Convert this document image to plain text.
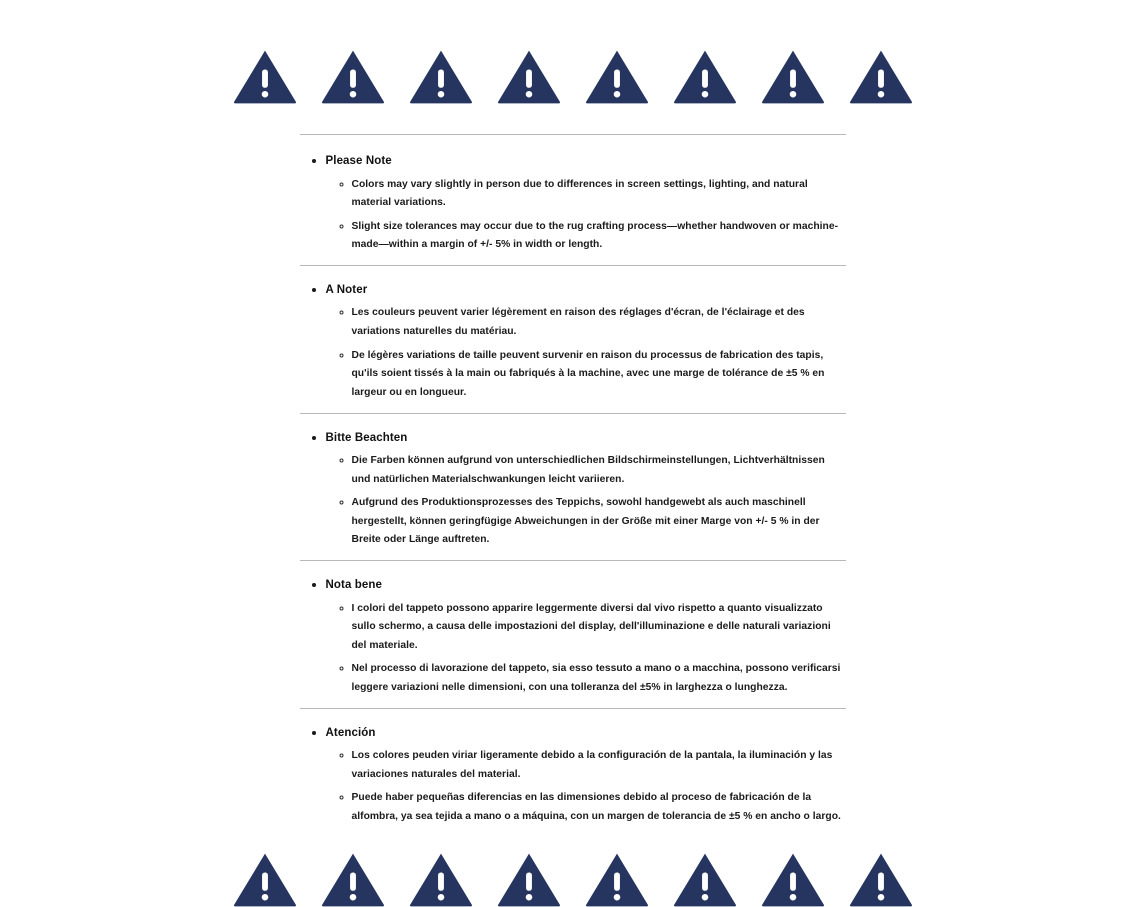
• Please Note
◦ Colors may vary slightly in person due to differences in screen settings, lighting, and natural material variations.
◦ Slight size tolerances may occur due to the rug crafting process—whether handwoven or machine-made—within a margin of +/- 5% in width or length.
• A Noter
◦ Les couleurs peuvent varier légèrement en raison des réglages d'écran, de l'éclairage et des variations naturelles du matériau.
◦ De légères variations de taille peuvent survenir en raison du processus de fabrication des tapis, qu'ils soient tissés à la main ou fabriqués à la machine, avec une marge de tolérance de ±5 % en largeur ou en longueur.
• Bitte Beachten
◦ Die Farben können aufgrund von unterschiedlichen Bildschirmeinstellungen, Lichtverhältnissen und natürlichen Materialschwankungen leicht variieren.
◦ Aufgrund des Produktionsprozesses des Teppichs, sowohl handgewebt als auch maschinell hergestellt, können geringfügige Abweichungen in der Größe mit einer Marge von +/- 5 % in der Breite oder Länge auftreten.
• Nota bene
◦ I colori del tappeto possono apparire leggermente diversi dal vivo rispetto a quanto visualizzato sullo schermo, a causa delle impostazioni del display, dell'illuminazione e delle naturali variazioni del materiale.
◦ Nel processo di lavorazione del tappeto, sia esso tessuto a mano o a macchina, possono verificarsi leggere variazioni nelle dimensioni, con una tolleranza del ±5% in larghezza o lunghezza.
• Atención
◦ Los colores peuden viriar ligeramente debido a la configuración de la pantala, la iluminación y las variaciones naturales del material.
◦ Puede haber pequeñas diferencias en las dimensiones debido al proceso de fabricación de la alfombra, ya sea tejida a mano o a máquina, con un margen de tolerancia de ±5 % en ancho o largo.
